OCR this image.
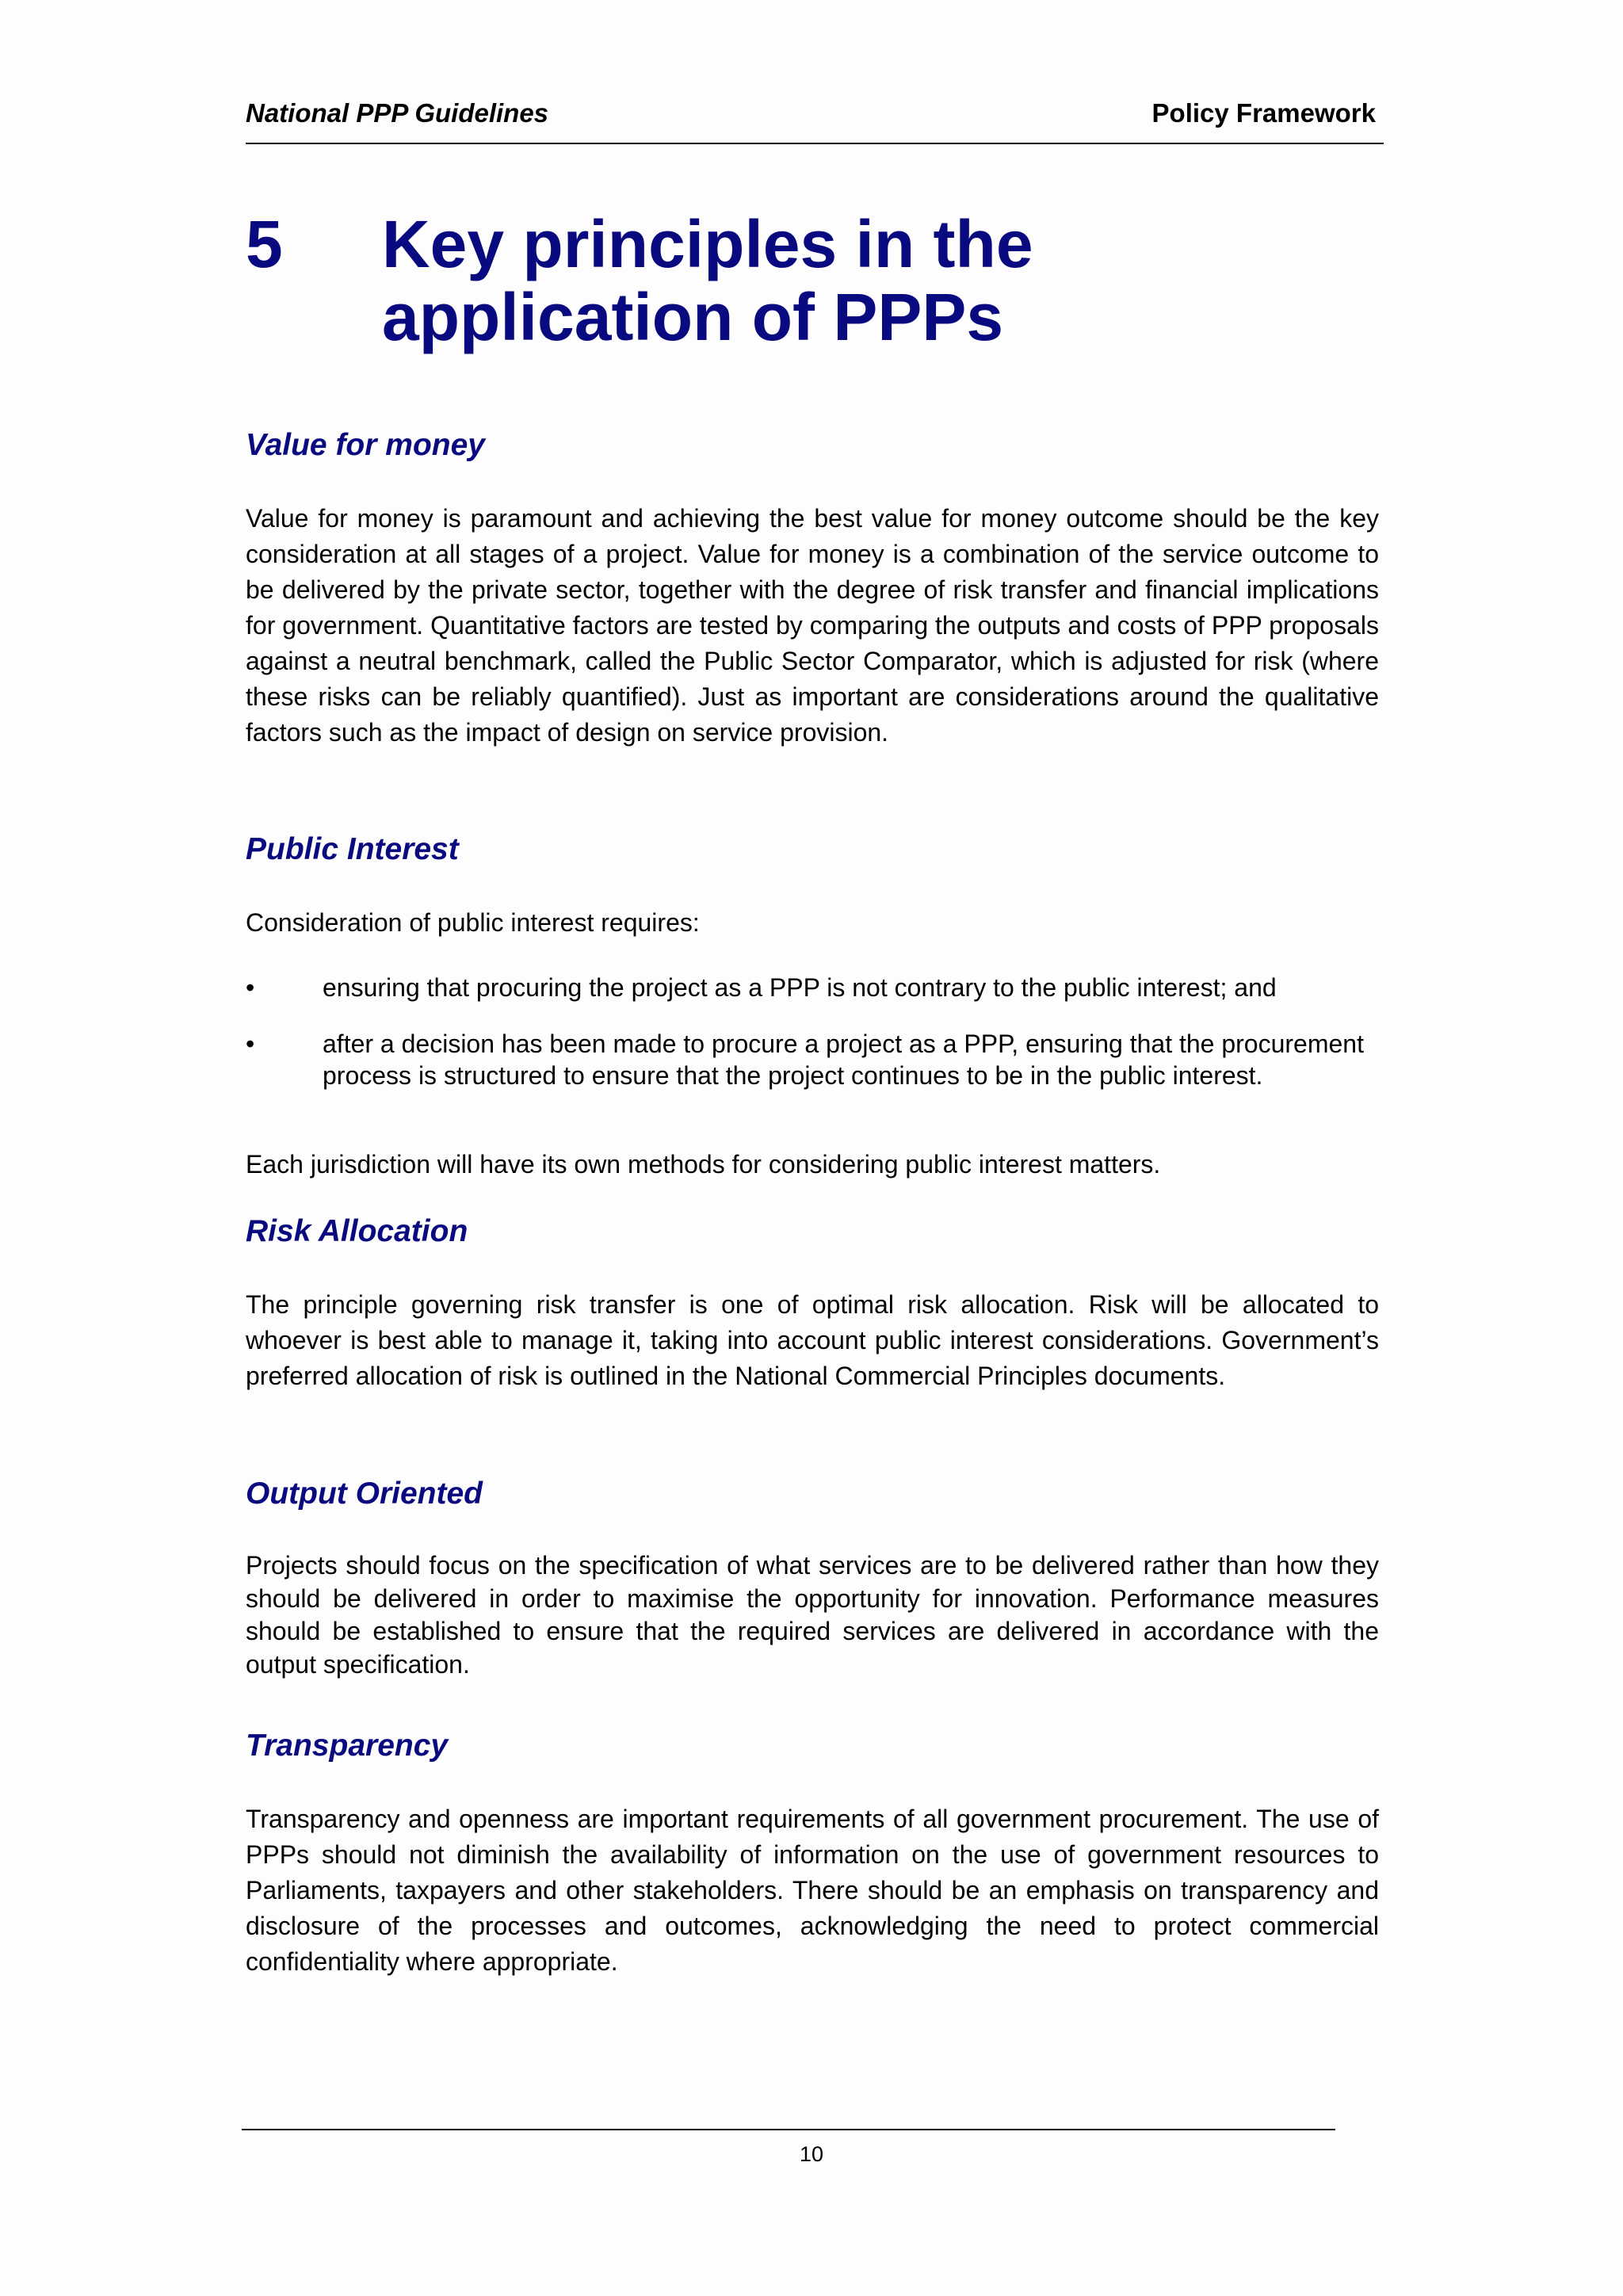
National PPP Guidelines	Policy Framework
5 Key principles in the
application of PPPs
Value for money
Value for money is paramount and achieving the best value for money outcome should be the key consideration at all stages of a project. Value for money is a combination of the service outcome to be delivered by the private sector, together with the degree of risk transfer and financial implications for government. Quantitative factors are tested by comparing the outputs and costs of PPP proposals against a neutral benchmark, called the Public Sector Comparator, which is adjusted for risk (where these risks can be reliably quantified). Just as important are considerations around the qualitative factors such as the impact of design on service provision.
Public Interest
Consideration of public interest requires:
•	ensuring that procuring the project as a PPP is not contrary to the public interest; and
•	after a decision has been made to procure a project as a PPP, ensuring that the procurement process is structured to ensure that the project continues to be in the public interest.
Each jurisdiction will have its own methods for considering public interest matters.
Risk Allocation
The principle governing risk transfer is one of optimal risk allocation. Risk will be allocated to whoever is best able to manage it, taking into account public interest considerations. Government’s preferred allocation of risk is outlined in the National Commercial Principles documents.
Output Oriented
Projects should focus on the specification of what services are to be delivered rather than how they should be delivered in order to maximise the opportunity for innovation. Performance measures should be established to ensure that the required services are delivered in accordance with the output specification.
Transparency
Transparency and openness are important requirements of all government procurement. The use of PPPs should not diminish the availability of information on the use of government resources to Parliaments, taxpayers and other stakeholders. There should be an emphasis on transparency and disclosure of the processes and outcomes, acknowledging the need to protect commercial confidentiality where appropriate.
10
